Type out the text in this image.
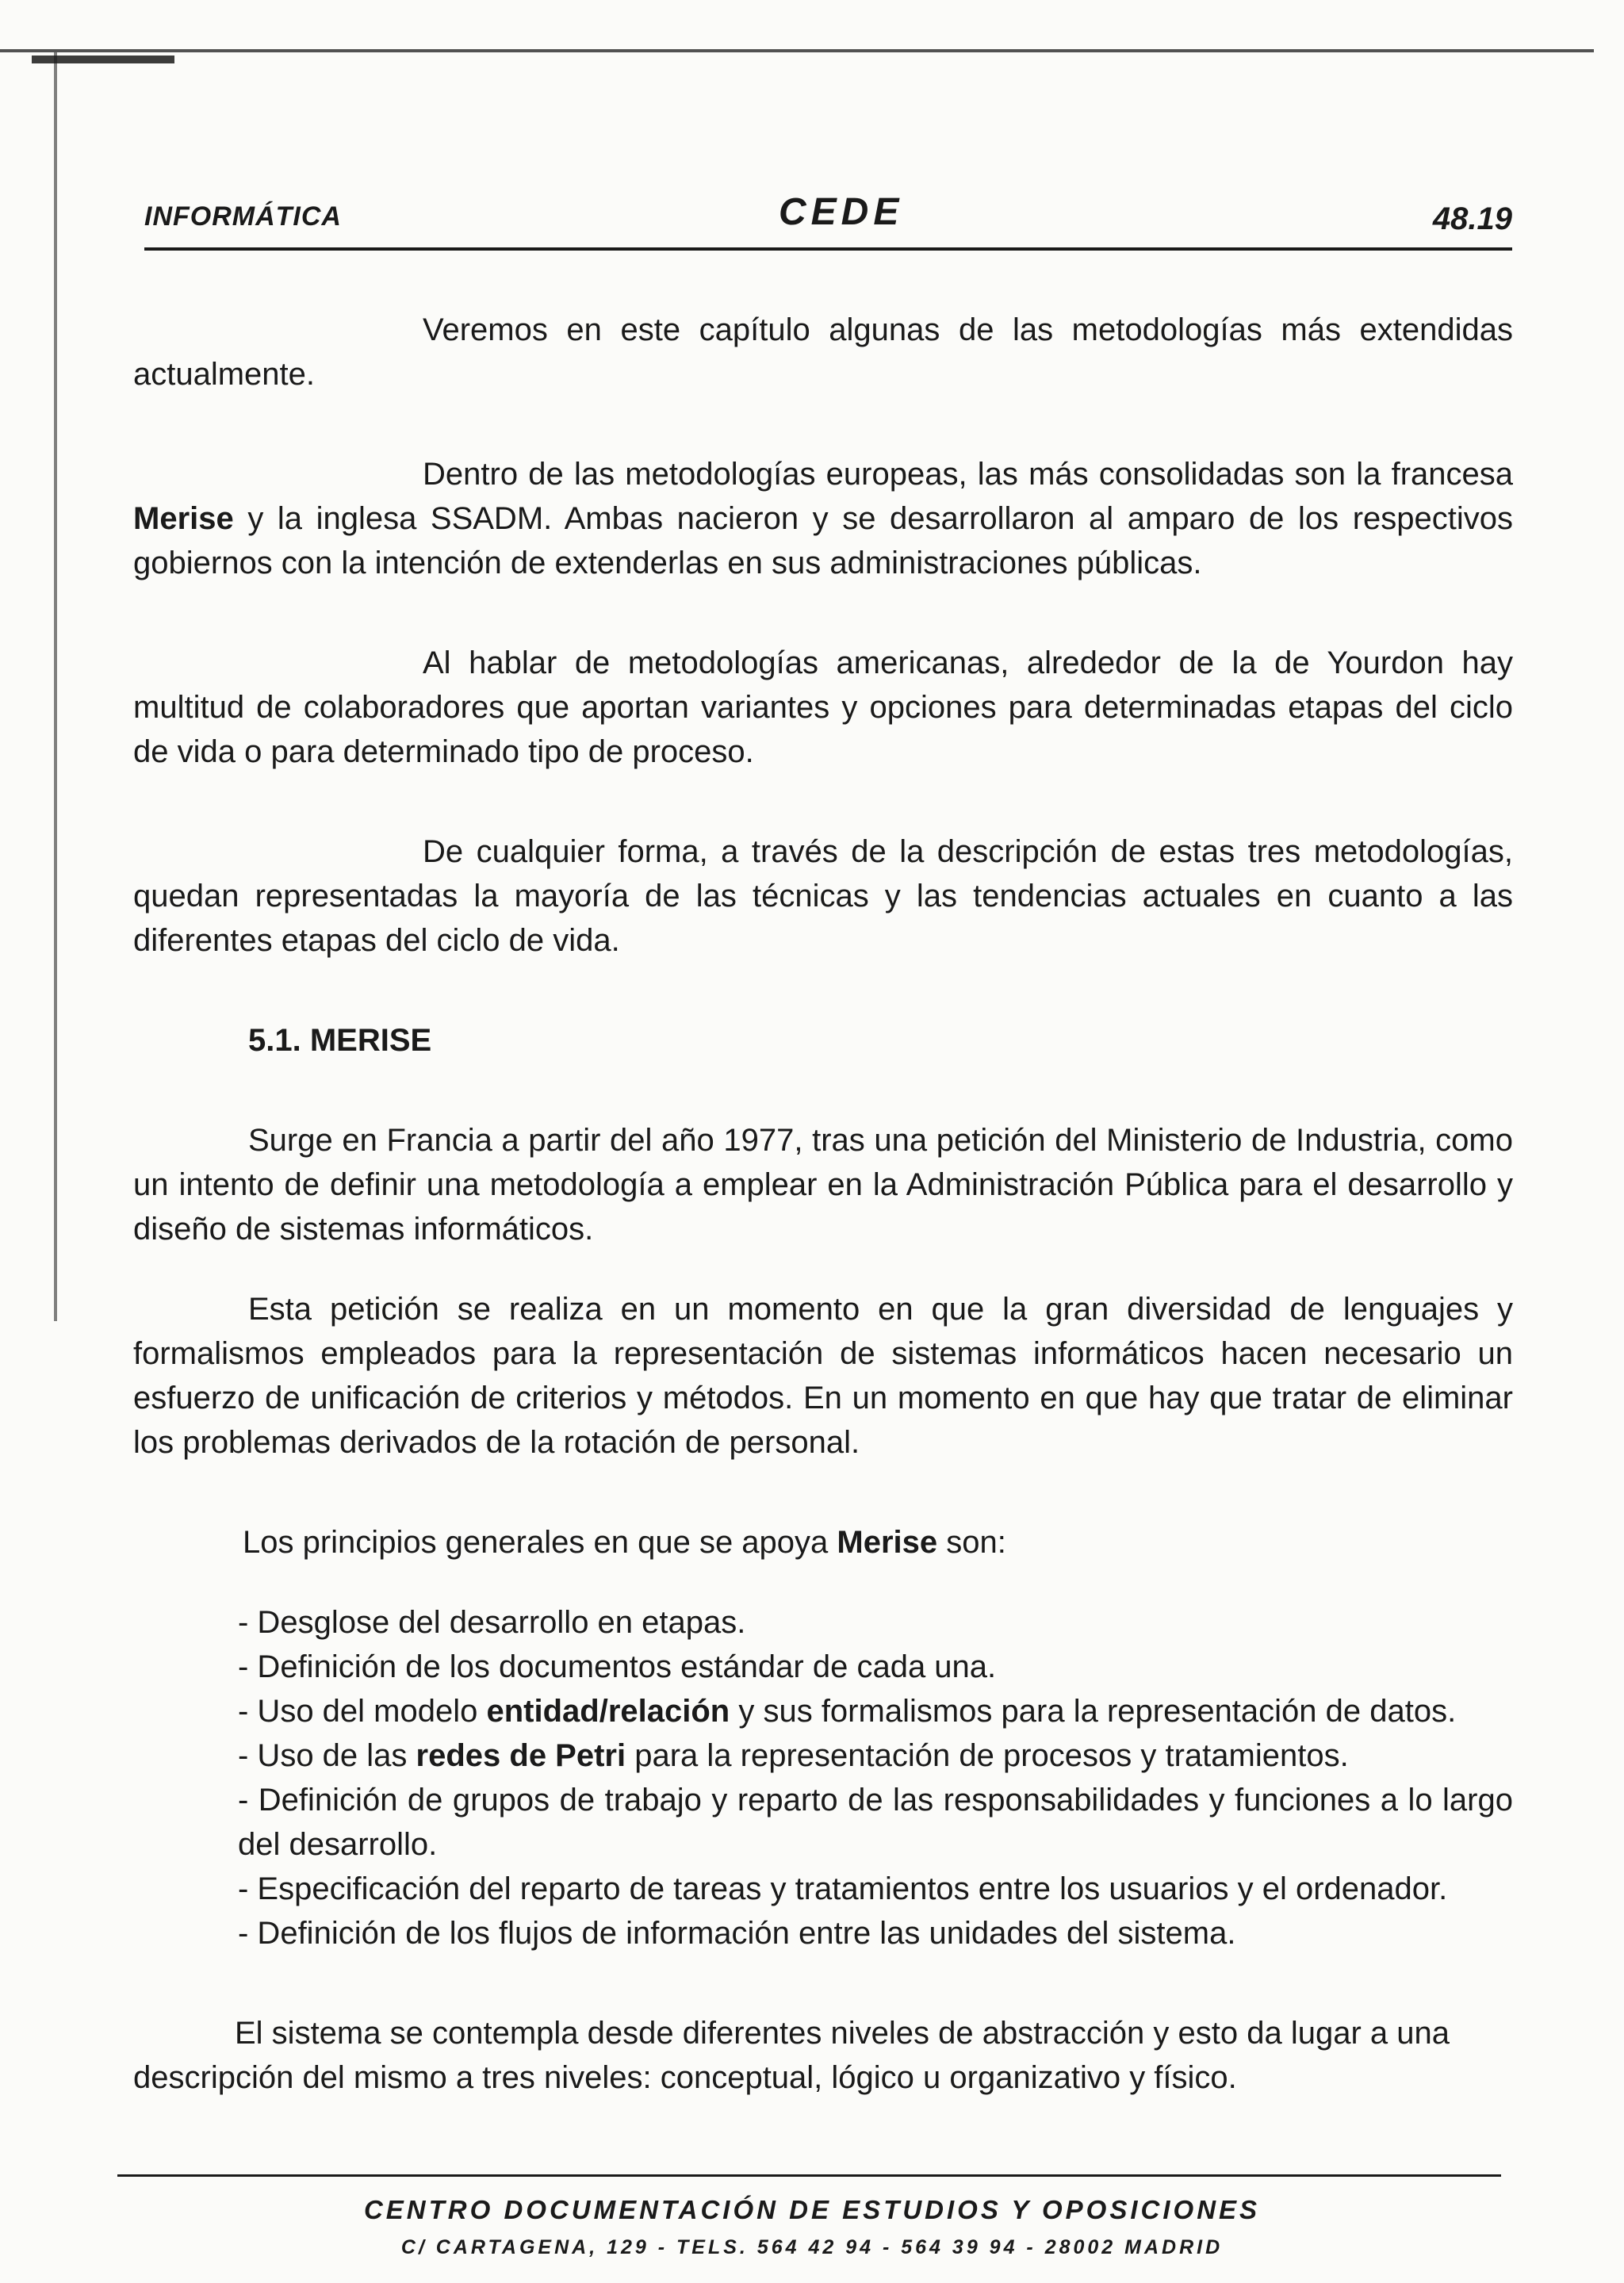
INFORMÁTICA	CEDE	48.19

Veremos en este capítulo algunas de las metodologías más extendidas actualmente.

Dentro de las metodologías europeas, las más consolidadas son la francesa Merise y la inglesa SSADM. Ambas nacieron y se desarrollaron al amparo de los respectivos gobiernos con la intención de extenderlas en sus administraciones públicas.

Al hablar de metodologías americanas, alrededor de la de Yourdon hay multitud de colaboradores que aportan variantes y opciones para determinadas etapas del ciclo de vida o para determinado tipo de proceso.

De cualquier forma, a través de la descripción de estas tres metodologías, quedan representadas la mayoría de las técnicas y las tendencias actuales en cuanto a las diferentes etapas del ciclo de vida.

5.1. MERISE

Surge en Francia a partir del año 1977, tras una petición del Ministerio de Industria, como un intento de definir una metodología a emplear en la Administración Pública para el desarrollo y diseño de sistemas informáticos.

Esta petición se realiza en un momento en que la gran diversidad de lenguajes y formalismos empleados para la representación de sistemas informáticos hacen necesario un esfuerzo de unificación de criterios y métodos. En un momento en que hay que tratar de eliminar los problemas derivados de la rotación de personal.

Los principios generales en que se apoya Merise son:

- Desglose del desarrollo en etapas.
- Definición de los documentos estándar de cada una.
- Uso del modelo entidad/relación y sus formalismos para la representación de datos.
- Uso de las redes de Petri para la representación de procesos y tratamientos.
- Definición de grupos de trabajo y reparto de las responsabilidades y funciones a lo largo del desarrollo.
- Especificación del reparto de tareas y tratamientos entre los usuarios y el ordenador.
- Definición de los flujos de información entre las unidades del sistema.

El sistema se contempla desde diferentes niveles de abstracción y esto da lugar a una descripción del mismo a tres niveles: conceptual, lógico u organizativo y físico.

CENTRO DOCUMENTACIÓN DE ESTUDIOS Y OPOSICIONES
C/ CARTAGENA, 129 - TELS. 564 42 94 - 564 39 94 - 28002 MADRID
